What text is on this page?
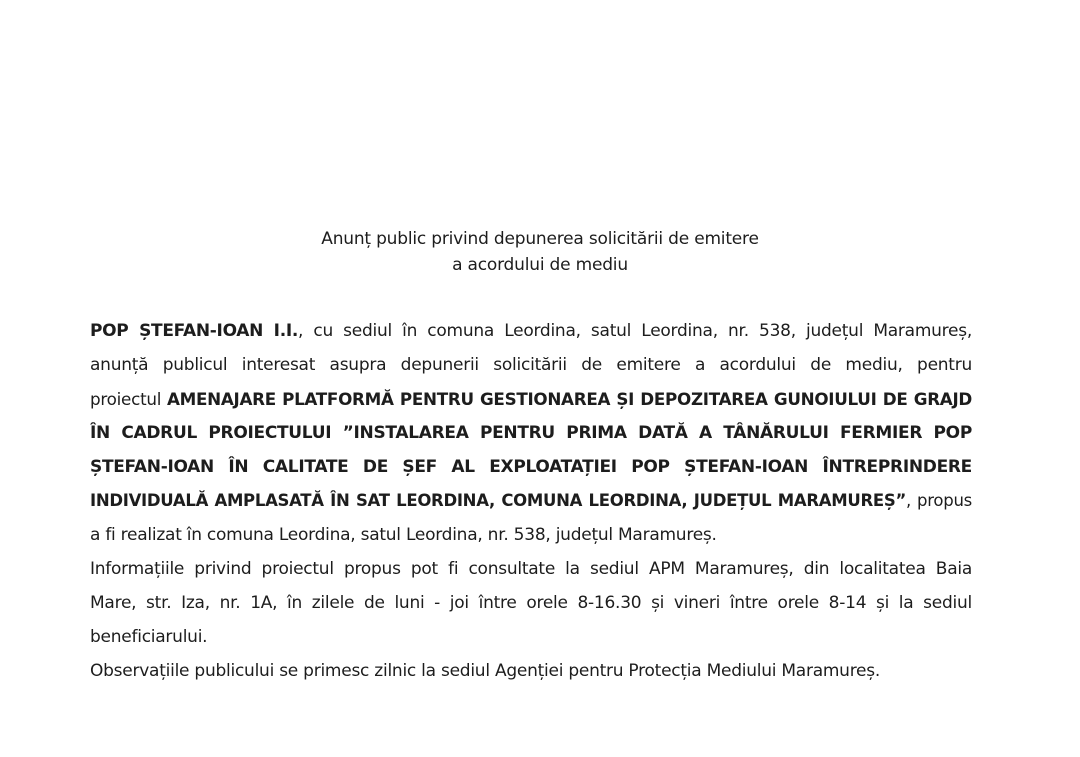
Anunț public privind depunerea solicitării de emitere
a acordului de mediu
POP ȘTEFAN-IOAN I.I., cu sediul în comuna Leordina, satul Leordina, nr. 538, județul Maramureș,
anunță publicul interesat asupra depunerii solicitării de emitere a acordului de mediu, pentru
proiectul AMENAJARE PLATFORMĂ PENTRU GESTIONAREA ȘI DEPOZITAREA GUNOIULUI DE GRAJD
ÎN CADRUL PROIECTULUI ”INSTALAREA PENTRU PRIMA DATĂ A TÂNĂRULUI FERMIER POP
ȘTEFAN-IOAN ÎN CALITATE DE ȘEF AL EXPLOATAȚIEI POP ȘTEFAN-IOAN ÎNTREPRINDERE
INDIVIDUALĂ AMPLASATĂ ÎN SAT LEORDINA, COMUNA LEORDINA, JUDEȚUL MARAMUREȘ”, propus
a fi realizat în comuna Leordina, satul Leordina, nr. 538, județul Maramureș.
Informațiile privind proiectul propus pot fi consultate la sediul APM Maramureș, din localitatea Baia
Mare, str. Iza, nr. 1A, în zilele de luni - joi între orele 8-16.30 și vineri între orele 8-14 și la sediul
beneficiarului.
Observațiile publicului se primesc zilnic la sediul Agenției pentru Protecția Mediului Maramureș.
